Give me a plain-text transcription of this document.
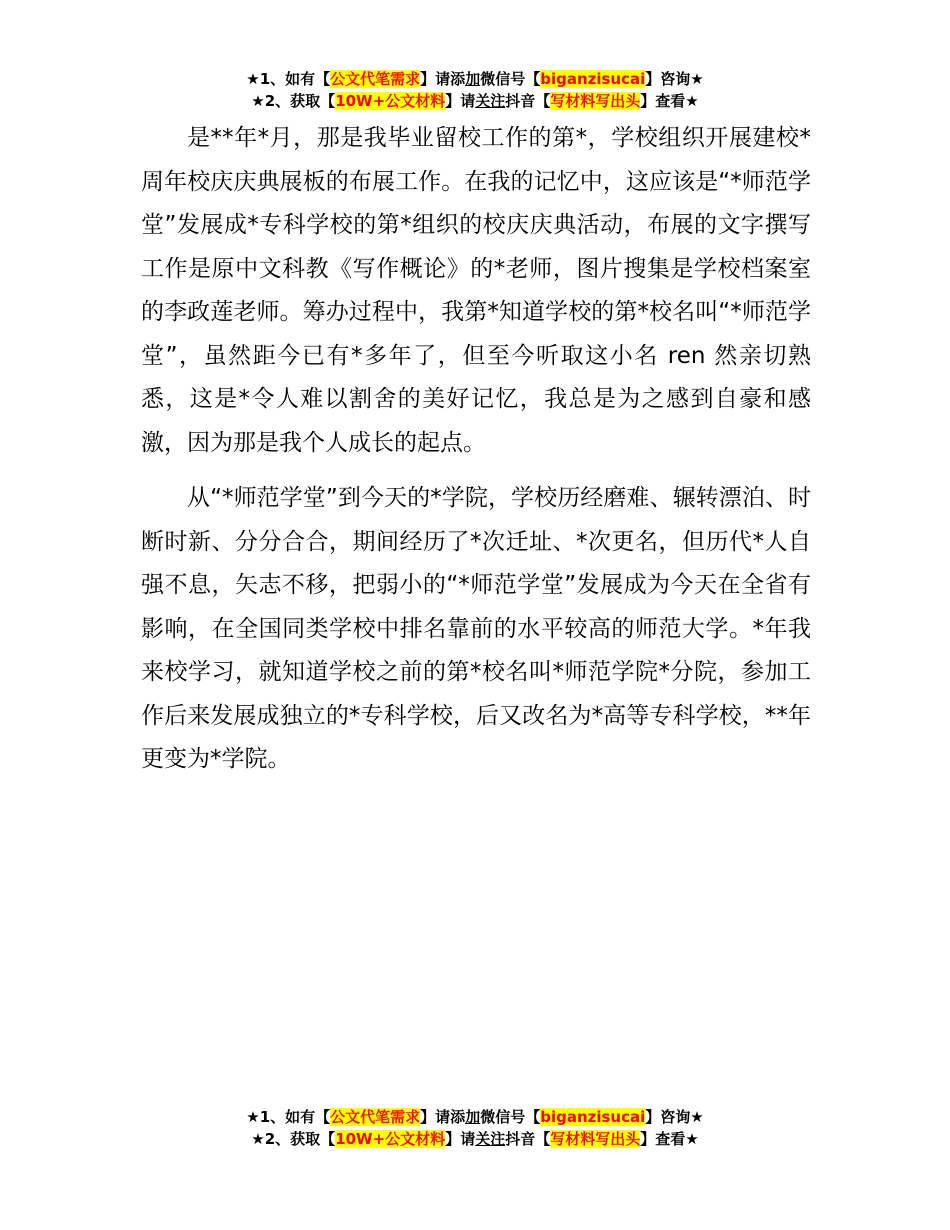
★1、如有【公文代笔需求】请添加微信号【biganzisucai】咨询★
★2、获取【10W+公文材料】请关注抖音【写材料写出头】查看★

是**年*月，那是我毕业留校工作的第*，学校组织开展建校*周年校庆庆典展板的布展工作。在我的记忆中，这应该是“*师范学堂”发展成*专科学校的第*组织的校庆庆典活动，布展的文字撰写工作是原中文科教《写作概论》的*老师，图片搜集是学校档案室的李政莲老师。筹办过程中，我第*知道学校的第*校名叫“*师范学堂”，虽然距今已有*多年了，但至今听取这小名 ren 然亲切熟悉，这是*令人难以割舍的美好记忆，我总是为之感到自豪和感激，因为那是我个人成长的起点。

从“*师范学堂”到今天的*学院，学校历经磨难、辗转漂泊、时断时新、分分合合，期间经历了*次迁址、*次更名，但历代*人自强不息，矢志不移，把弱小的“*师范学堂”发展成为今天在全省有影响，在全国同类学校中排名靠前的水平较高的师范大学。*年我来校学习，就知道学校之前的第*校名叫*师范学院*分院，参加工作后来发展成独立的*专科学校，后又改名为*高等专科学校，**年更变为*学院。

★1、如有【公文代笔需求】请添加微信号【biganzisucai】咨询★
★2、获取【10W+公文材料】请关注抖音【写材料写出头】查看★
